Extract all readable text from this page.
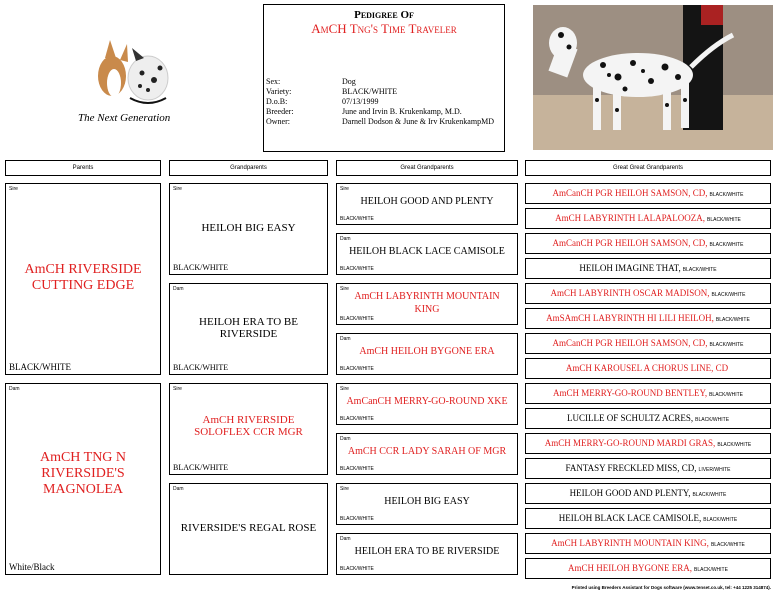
The Next Generation
Pedigree Of
AmCH Tng's Time Traveler
Sex:	Dog
Variety:	BLACK/WHITE
D.o.B:	07/13/1999
Breeder:	June and Irvin B. Krukenkamp, M.D.
Owner:	Darnell Dodson & June & Irv KrukenkampMD
Parents	Grandparents	Great Grandparents	Great Great Grandparents
Sire
AmCH RIVERSIDE CUTTING EDGE
BLACK/WHITE
Dam
AmCH TNG N RIVERSIDE'S MAGNOLEA
White/Black
Sire
HEILOH BIG EASY
BLACK/WHITE
Dam
HEILOH ERA TO BE RIVERSIDE
BLACK/WHITE
Sire
AmCH RIVERSIDE SOLOFLEX CCR MGR
BLACK/WHITE
Dam
RIVERSIDE'S REGAL ROSE
Sire
HEILOH GOOD AND PLENTY
BLACK/WHITE
Dam
HEILOH BLACK LACE CAMISOLE
BLACK/WHITE
Sire
AmCH LABYRINTH MOUNTAIN KING
BLACK/WHITE
Dam
AmCH HEILOH BYGONE ERA
BLACK/WHITE
Sire
AmCanCH MERRY-GO-ROUND XKE
BLACK/WHITE
Dam
AmCH CCR LADY SARAH OF MGR
BLACK/WHITE
Sire
HEILOH BIG EASY
BLACK/WHITE
Dam
HEILOH ERA TO BE RIVERSIDE
BLACK/WHITE
AmCanCH PGR HEILOH SAMSON, CD, BLACK/WHITE
AmCH LABYRINTH LALAPALOOZA, BLACK/WHITE
AmCanCH PGR HEILOH SAMSON, CD, BLACK/WHITE
HEILOH IMAGINE THAT, BLACK/WHITE
AmCH LABYRINTH OSCAR MADISON, BLACK/WHITE
AmSAmCH LABYRINTH HI LILI HEILOH, BLACK/WHITE
AmCanCH PGR HEILOH SAMSON, CD, BLACK/WHITE
AmCH KAROUSEL A CHORUS LINE, CD
AmCH MERRY-GO-ROUND BENTLEY, BLACK/WHITE
LUCILLE OF SCHULTZ ACRES, BLACK/WHITE
AmCH MERRY-GO-ROUND MARDI GRAS, BLACK/WHITE
FANTASY FRECKLED MISS, CD, LIVER/WHITE
HEILOH GOOD AND PLENTY, BLACK/WHITE
HEILOH BLACK LACE CAMISOLE, BLACK/WHITE
AmCH LABYRINTH MOUNTAIN KING, BLACK/WHITE
AmCH HEILOH BYGONE ERA, BLACK/WHITE
Printed using Breeders Assistant for Dogs software (www.tenset.co.uk, tel: +44 1225 314874).
